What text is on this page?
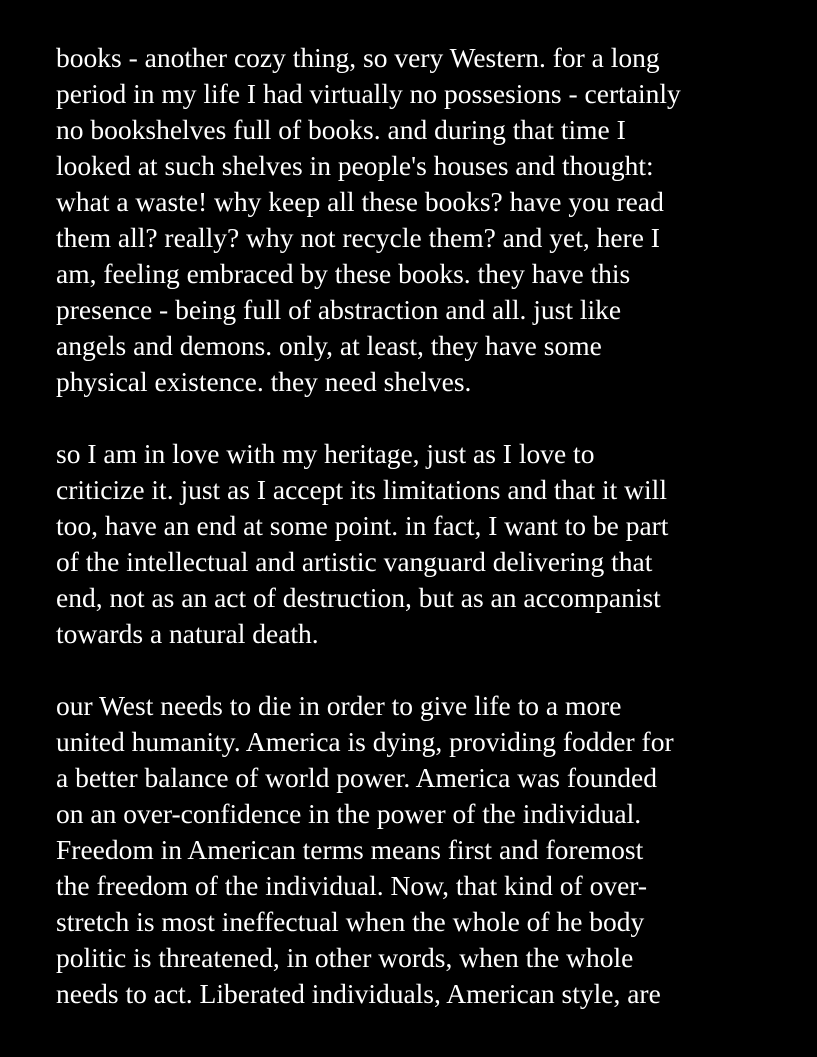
books - another cozy thing, so very Western. for a long
period in my life I had virtually no possesions - certainly
no bookshelves full of books. and during that time I
looked at such shelves in people's houses and thought:
what a waste! why keep all these books? have you read
them all? really? why not recycle them? and yet, here I
am, feeling embraced by these books. they have this
presence - being full of abstraction and all. just like
angels and demons. only, at least, they have some
physical existence. they need shelves.
so I am in love with my heritage, just as I love to
criticize it. just as I accept its limitations and that it will
too, have an end at some point. in fact, I want to be part
of the intellectual and artistic vanguard delivering that
end, not as an act of destruction, but as an accompanist
towards a natural death.
our West needs to die in order to give life to a more
united humanity. America is dying, providing fodder for
a better balance of world power. America was founded
on an over-confidence in the power of the individual.
Freedom in American terms means first and foremost
the freedom of the individual. Now, that kind of over-
stretch is most ineffectual when the whole of he body
politic is threatened, in other words, when the whole
needs to act. Liberated individuals, American style, are
